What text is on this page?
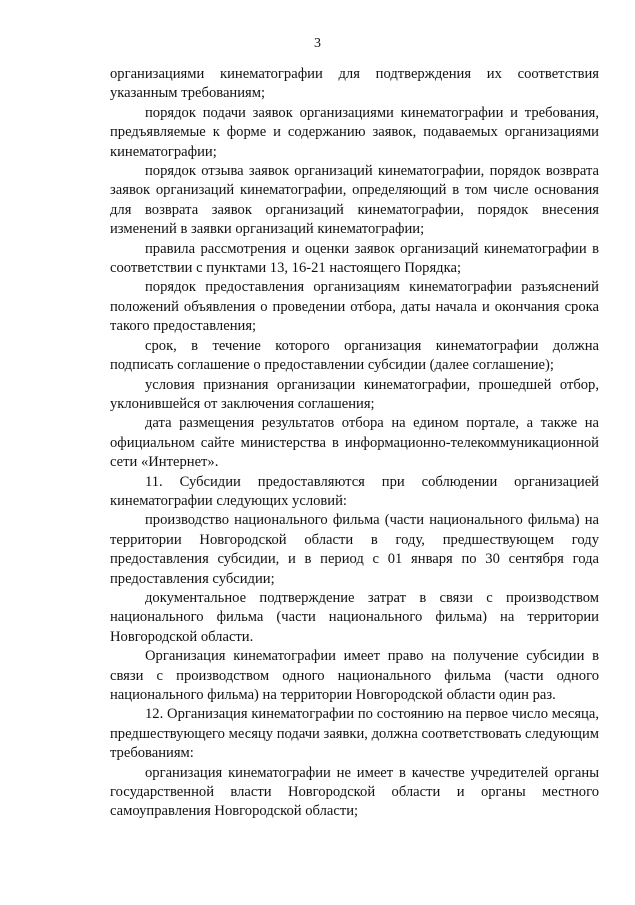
3

организациями кинематографии для подтверждения их соответствия указанным требованиям;

порядок подачи заявок организациями кинематографии и требования, предъявляемые к форме и содержанию заявок, подаваемых организациями кинематографии;

порядок отзыва заявок организаций кинематографии, порядок возврата заявок организаций кинематографии, определяющий в том числе основания для возврата заявок организаций кинематографии, порядок внесения изменений в заявки организаций кинематографии;

правила рассмотрения и оценки заявок организаций кинематографии в соответствии с пунктами 13, 16-21 настоящего Порядка;

порядок предоставления организациям кинематографии разъяснений положений объявления о проведении отбора, даты начала и окончания срока такого предоставления;

срок, в течение которого организация кинематографии должна подписать соглашение о предоставлении субсидии (далее соглашение);

условия признания организации кинематографии, прошедшей отбор, уклонившейся от заключения соглашения;

дата размещения результатов отбора на едином портале, а также на официальном сайте министерства в информационно-телекоммуникационной сети «Интернет».

11. Субсидии предоставляются при соблюдении организацией кинематографии следующих условий:

производство национального фильма (части национального фильма) на территории Новгородской области в году, предшествующем году предоставления субсидии, и в период с 01 января по 30 сентября года предоставления субсидии;

документальное подтверждение затрат в связи с производством национального фильма (части национального фильма) на территории Новгородской области.

Организация кинематографии имеет право на получение субсидии в связи с производством одного национального фильма (части одного национального фильма) на территории Новгородской области один раз.

12. Организация кинематографии по состоянию на первое число месяца, предшествующего месяцу подачи заявки, должна соответствовать следующим требованиям:

организация кинематографии не имеет в качестве учредителей органы государственной власти Новгородской области и органы местного самоуправления Новгородской области;
